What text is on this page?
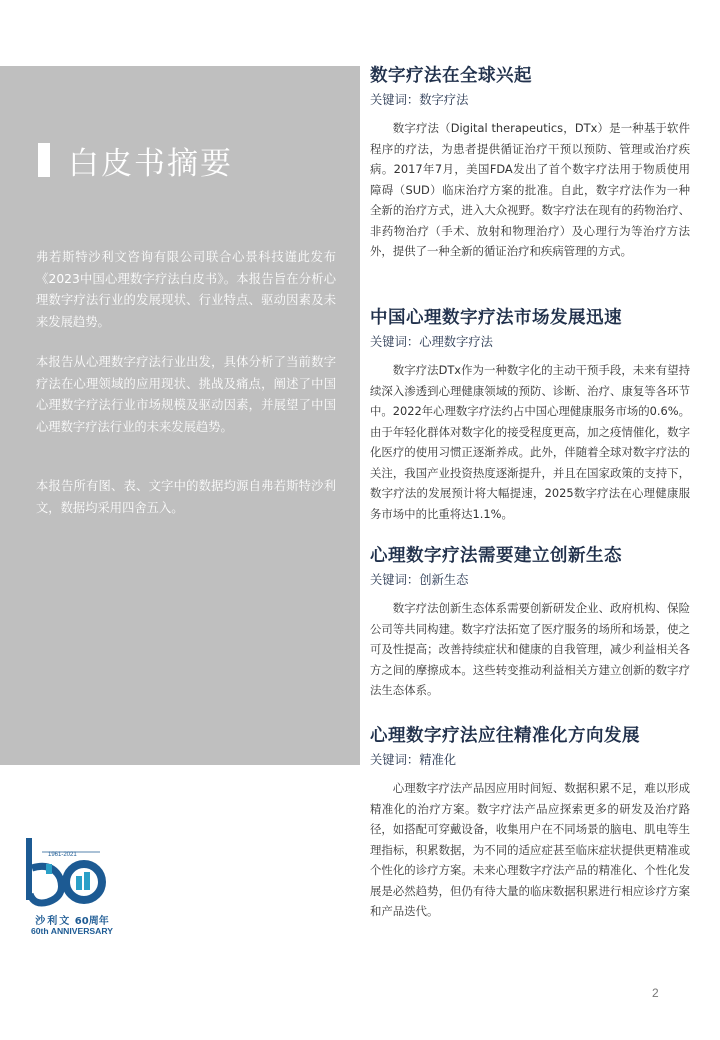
白皮书摘要

弗若斯特沙利文咨询有限公司联合心景科技谨此发布《2023中国心理数字疗法白皮书》。本报告旨在分析心理数字疗法行业的发展现状、行业特点、驱动因素及未来发展趋势。

本报告从心理数字疗法行业出发，具体分析了当前数字疗法在心理领域的应用现状、挑战及痛点，阐述了中国心理数字疗法行业市场规模及驱动因素，并展望了中国心理数字疗法行业的未来发展趋势。

本报告所有图、表、文字中的数据均源自弗若斯特沙利文，数据均采用四舍五入。

数字疗法在全球兴起
关键词：数字疗法

数字疗法（Digital therapeutics，DTx）是一种基于软件程序的疗法，为患者提供循证治疗干预以预防、管理或治疗疾病。2017年7月，美国FDA发出了首个数字疗法用于物质使用障碍（SUD）临床治疗方案的批准。自此，数字疗法作为一种全新的治疗方式，进入大众视野。数字疗法在现有的药物治疗、非药物治疗（手术、放射和物理治疗）及心理行为等治疗方法外，提供了一种全新的循证治疗和疾病管理的方式。

中国心理数字疗法市场发展迅速
关键词：心理数字疗法

数字疗法DTx作为一种数字化的主动干预手段，未来有望持续深入渗透到心理健康领域的预防、诊断、治疗、康复等各环节中。2022年心理数字疗法约占中国心理健康服务市场的0.6%。由于年轻化群体对数字化的接受程度更高，加之疫情催化，数字化医疗的使用习惯正逐渐养成。此外，伴随着全球对数字疗法的关注，我国产业投资热度逐渐提升，并且在国家政策的支持下，数字疗法的发展预计将大幅提速，2025数字疗法在心理健康服务市场中的比重将达1.1%。

心理数字疗法需要建立创新生态
关键词：创新生态

数字疗法创新生态体系需要创新研发企业、政府机构、保险公司等共同构建。数字疗法拓宽了医疗服务的场所和场景，使之可及性提高；改善持续症状和健康的自我管理，减少利益相关各方之间的摩擦成本。这些转变推动利益相关方建立创新的数字疗法生态体系。

心理数字疗法应往精准化方向发展
关键词：精准化

心理数字疗法产品因应用时间短、数据积累不足，难以形成精准化的治疗方案。数字疗法产品应探索更多的研发及治疗路径，如搭配可穿戴设备，收集用户在不同场景的脑电、肌电等生理指标，积累数据，为不同的适应症甚至临床症状提供更精准或个性化的诊疗方案。未来心理数字疗法产品的精准化、个性化发展是必然趋势，但仍有待大量的临床数据积累进行相应诊疗方案和产品迭代。

1961-2021
沙利文 60周年
60th ANNIVERSARY
2
